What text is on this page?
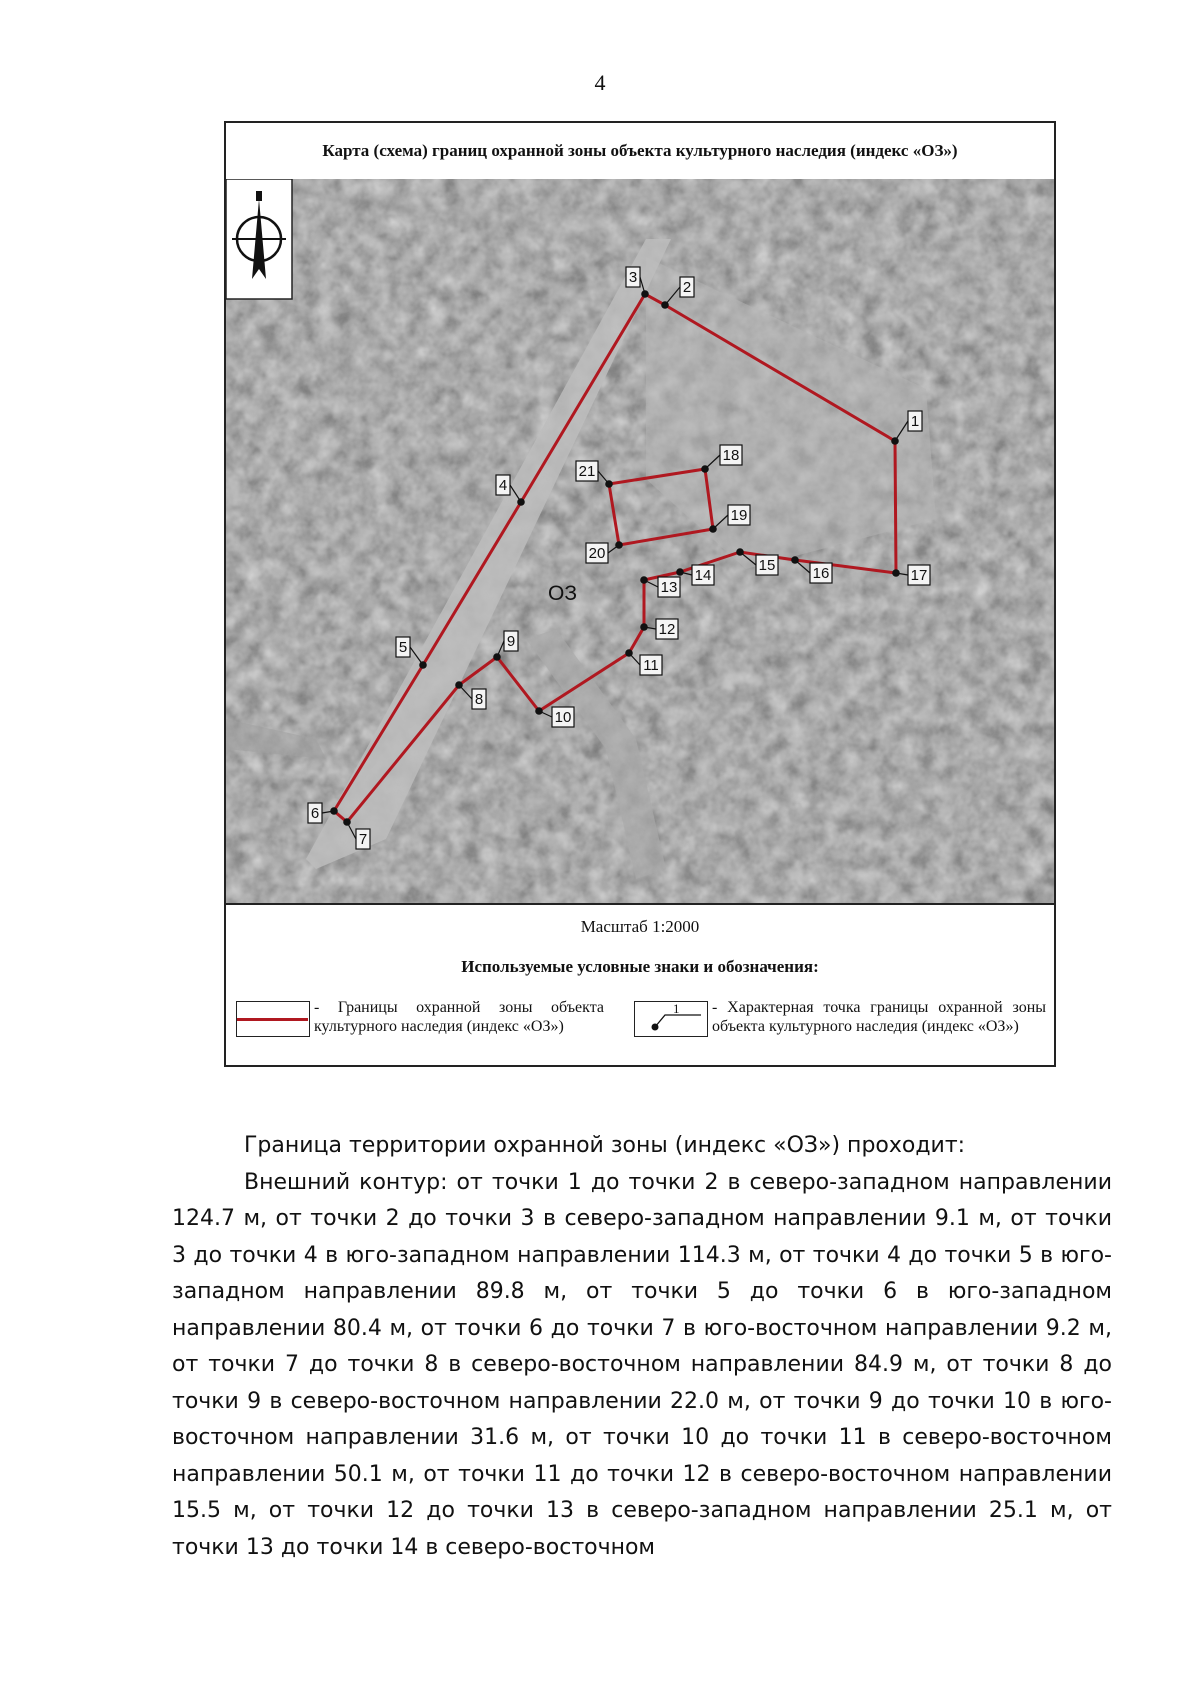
4
Карта (схема) границ охранной зоны объекта культурного наследия (индекс «ОЗ»)
ОЗ
1
2
3
4
5
6
7
8
9
10
11
12
13
14
15 16	17
18
19
20
21
Масштаб 1:2000
Используемые условные знаки и обозначения:
- Границы охранной зоны объекта культурного наследия (индекс «ОЗ»)
1 - Характерная точка границы охранной зоны объекта культурного наследия (индекс «ОЗ»)

Граница территории охранной зоны (индекс «ОЗ») проходит:

Внешний контур: от точки 1 до точки 2 в северо-западном направлении 124.7 м, от точки 2 до точки 3 в северо-западном направлении 9.1 м, от точки 3 до точки 4 в юго-западном направлении 114.3 м, от точки 4 до точки 5 в юго-западном направлении 89.8 м, от точки 5 до точки 6 в юго-западном направлении 80.4 м, от точки 6 до точки 7 в юго-восточном направлении 9.2 м, от точки 7 до точки 8 в северо-восточном направлении 84.9 м, от точки 8 до точки 9 в северо-восточном направлении 22.0 м, от точки 9 до точки 10 в юго-восточном направлении 31.6 м, от точки 10 до точки 11 в северо-восточном направлении 50.1 м, от точки 11 до точки 12 в северо-восточном направлении 15.5 м, от точки 12 до точки 13 в северо-западном направлении 25.1 м, от точки 13 до точки 14 в северо-восточном
